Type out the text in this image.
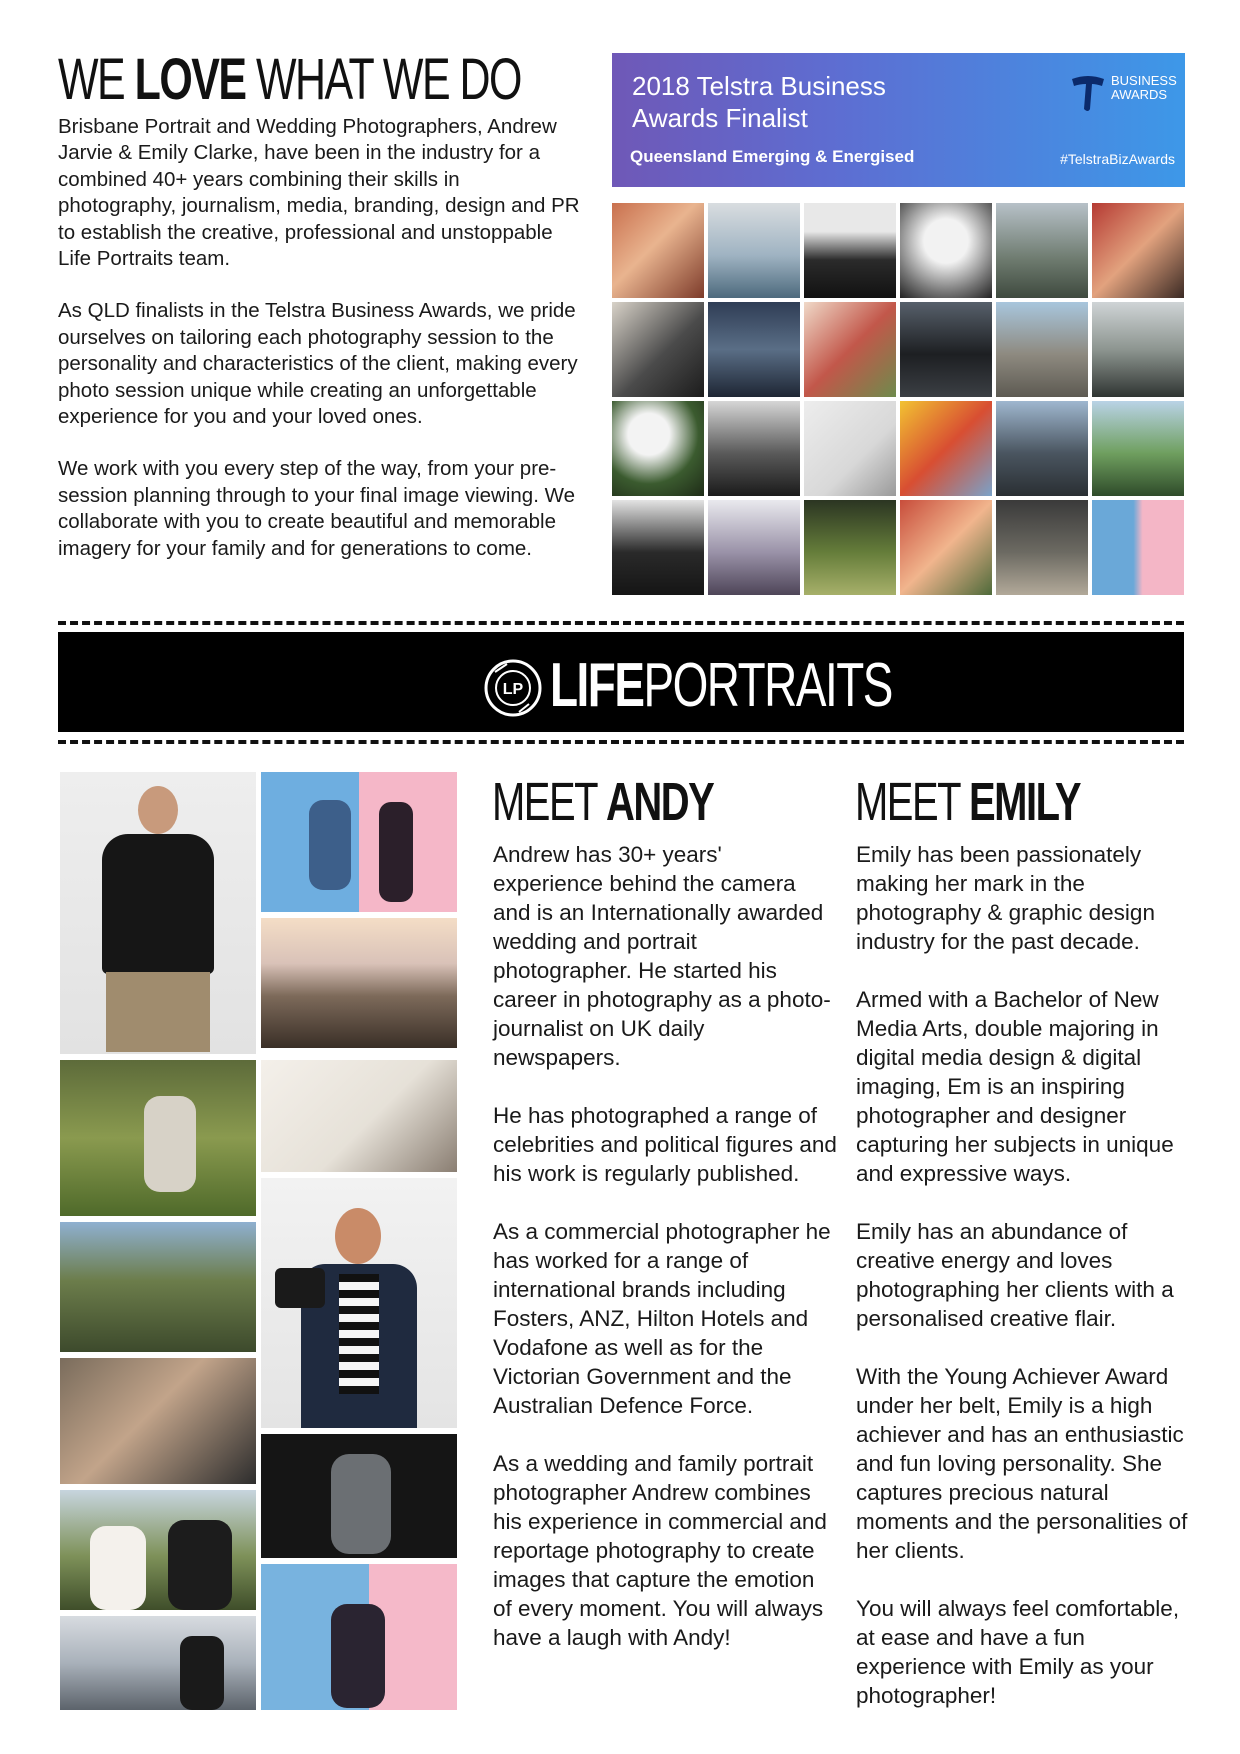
WE LOVE WHAT WE DO

Brisbane Portrait and Wedding Photographers, Andrew Jarvie & Emily Clarke, have been in the industry for a combined 40+ years combining their skills in photography, journalism, media, branding, design and PR to establish the creative, professional and unstoppable Life Portraits team.

As QLD finalists in the Telstra Business Awards, we pride ourselves on tailoring each photography session to the personality and characteristics of the client, making every photo session unique while creating an unforgettable experience for you and your loved ones.

We work with you every step of the way, from your pre-session planning through to your final image viewing. We collaborate with you to create beautiful and memorable imagery for your family and for generations to come.

2018 Telstra Business Awards Finalist
Queensland Emerging & Energised	#TelstraBizAwards
BUSINESS
AWARDS
LP LIFEPORTRAITS
MEET ANDY

Andrew has 30+ years' experience behind the camera and is an Internationally awarded wedding and portrait photographer. He started his career in photography as a photo-journalist on UK daily newspapers.

He has photographed a range of celebrities and political figures and his work is regularly published.

As a commercial photographer he has worked for a range of international brands including Fosters, ANZ, Hilton Hotels and Vodafone as well as for the Victorian Government and the Australian Defence Force.

As a wedding and family portrait photographer Andrew combines his experience in commercial and reportage photography to create images that capture the emotion of every moment. You will always have a laugh with Andy!

MEET EMILY

Emily has been passionately making her mark in the photography & graphic design industry for the past decade.

Armed with a Bachelor of New Media Arts, double majoring in digital media design & digital imaging, Em is an inspiring photographer and designer capturing her subjects in unique and expressive ways.

Emily has an abundance of creative energy and loves photographing her clients with a personalised creative flair.

With the Young Achiever Award under her belt, Emily is a high achiever and has an enthusiastic and fun loving personality. She captures precious natural moments and the personalities of her clients.

You will always feel comfortable, at ease and have a fun experience with Emily as your photographer!
